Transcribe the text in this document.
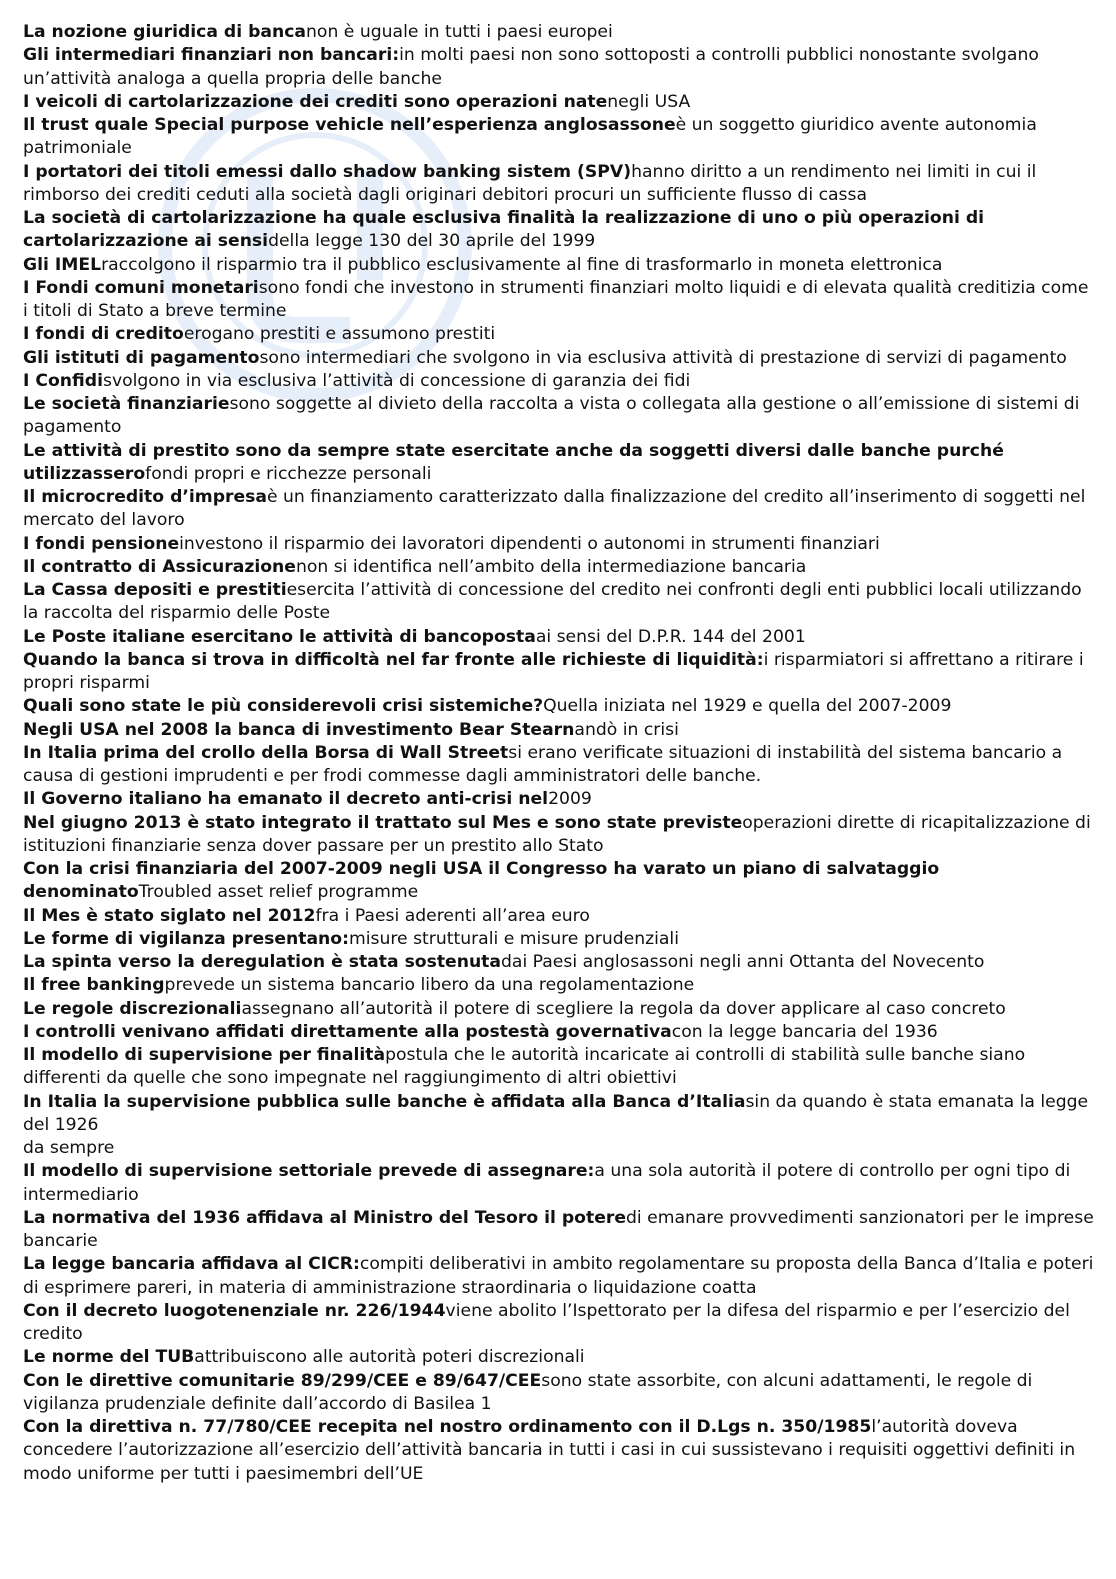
La nozione giuridica di bancanon è uguale in tutti i paesi europei

Gli intermediari finanziari non bancari:in molti paesi non sono sottoposti a controlli pubblici nonostante svolgano un’attività analoga a quella propria delle banche

I veicoli di cartolarizzazione dei crediti sono operazioni natenegli USA

Il trust quale Special purpose vehicle nell’esperienza anglosassoneè un soggetto giuridico avente autonomia patrimoniale

I portatori dei titoli emessi dallo shadow banking sistem (SPV)hanno diritto a un rendimento nei limiti in cui il rimborso dei crediti ceduti alla società dagli originari debitori procuri un sufficiente flusso di cassa

La società di cartolarizzazione ha quale esclusiva finalità la realizzazione di uno o più operazioni di cartolarizzazione ai sensidella legge 130 del 30 aprile del 1999

Gli IMELraccolgono il risparmio tra il pubblico esclusivamente al fine di trasformarlo in moneta elettronica

I Fondi comuni monetarisono fondi che investono in strumenti finanziari molto liquidi e di elevata qualità creditizia come i titoli di Stato a breve termine

I fondi di creditoerogano prestiti e assumono prestiti

Gli istituti di pagamentosono intermediari che svolgono in via esclusiva attività di prestazione di servizi di pagamento

I Confidisvolgono in via esclusiva l’attività di concessione di garanzia dei fidi

Le società finanziariesono soggette al divieto della raccolta a vista o collegata alla gestione o all’emissione di sistemi di pagamento

Le attività di prestito sono da sempre state esercitate anche da soggetti diversi dalle banche purché utilizzasserofondi propri e ricchezze personali

Il microcredito d’impresaè un finanziamento caratterizzato dalla finalizzazione del credito all’inserimento di soggetti nel mercato del lavoro

I fondi pensioneinvestono il risparmio dei lavoratori dipendenti o autonomi in strumenti finanziari

Il contratto di Assicurazionenon si identifica nell’ambito della intermediazione bancaria

La Cassa depositi e prestitiesercita l’attività di concessione del credito nei confronti degli enti pubblici locali utilizzando la raccolta del risparmio delle Poste

Le Poste italiane esercitano le attività di bancopostaai sensi del D.P.R. 144 del 2001

Quando la banca si trova in difficoltà nel far fronte alle richieste di liquidità:i risparmiatori si affrettano a ritirare i propri risparmi

Quali sono state le più considerevoli crisi sistemiche?Quella iniziata nel 1929 e quella del 2007-2009

Negli USA nel 2008 la banca di investimento Bear Stearnandò in crisi

In Italia prima del crollo della Borsa di Wall Streetsi erano verificate situazioni di instabilità del sistema bancario a causa di gestioni imprudenti e per frodi commesse dagli amministratori delle banche.

Il Governo italiano ha emanato il decreto anti-crisi nel2009

Nel giugno 2013 è stato integrato il trattato sul Mes e sono state previsteoperazioni dirette di ricapitalizzazione di istituzioni finanziarie senza dover passare per un prestito allo Stato

Con la crisi finanziaria del 2007-2009 negli USA il Congresso ha varato un piano di salvataggio denominatoTroubled asset relief programme

Il Mes è stato siglato nel 2012fra i Paesi aderenti all’area euro

Le forme di vigilanza presentano:misure strutturali e misure prudenziali

La spinta verso la deregulation è stata sostenutadai Paesi anglosassoni negli anni Ottanta del Novecento

Il free bankingprevede un sistema bancario libero da una regolamentazione

Le regole discrezionaliassegnano all’autorità il potere di scegliere la regola da dover applicare al caso concreto

I controlli venivano affidati direttamente alla postestà governativacon la legge bancaria del 1936

Il modello di supervisione per finalitàpostula che le autorità incaricate ai controlli di stabilità sulle banche siano differenti da quelle che sono impegnate nel raggiungimento di altri obiettivi

In Italia la supervisione pubblica sulle banche è affidata alla Banca d’Italiasin da quando è stata emanata la legge del 1926

da sempre

Il modello di supervisione settoriale prevede di assegnare:a una sola autorità il potere di controllo per ogni tipo di intermediario

La normativa del 1936 affidava al Ministro del Tesoro il poteredi emanare provvedimenti sanzionatori per le imprese bancarie

La legge bancaria affidava al CICR:compiti deliberativi in ambito regolamentare su proposta della Banca d’Italia e poteri di esprimere pareri, in materia di amministrazione straordinaria o liquidazione coatta

Con il decreto luogotenenziale nr. 226/1944viene abolito l’Ispettorato per la difesa del risparmio e per l’esercizio del credito

Le norme del TUBattribuiscono alle autorità poteri discrezionali

Con le direttive comunitarie 89/299/CEE e 89/647/CEEsono state assorbite, con alcuni adattamenti, le regole di vigilanza prudenziale definite dall’accordo di Basilea 1

Con la direttiva n. 77/780/CEE recepita nel nostro ordinamento con il D.Lgs n. 350/1985l’autorità doveva concedere l’autorizzazione all’esercizio dell’attività bancaria in tutti i casi in cui sussistevano i requisiti oggettivi definiti in modo uniforme per tutti i paesimembri dell’UE
